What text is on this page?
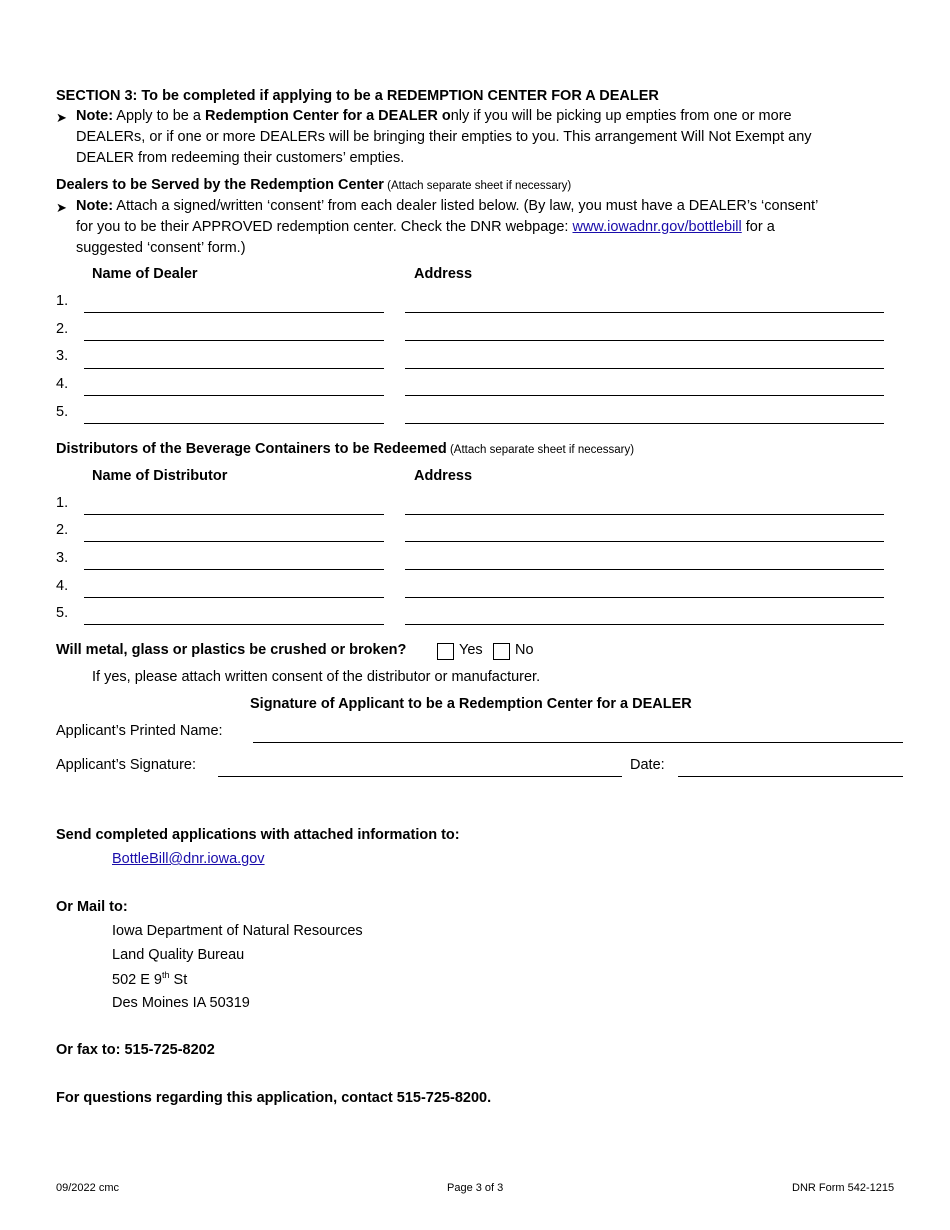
SECTION 3: To be completed if applying to be a REDEMPTION CENTER FOR A DEALER
➤ Note: Apply to be a Redemption Center for a DEALER only if you will be picking up empties from one or more
DEALERs, or if one or more DEALERs will be bringing their empties to you. This arrangement Will Not Exempt any
DEALER from redeeming their customers’ empties.
Dealers to be Served by the Redemption Center (Attach separate sheet if necessary)
➤ Note: Attach a signed/written ‘consent’ from each dealer listed below. (By law, you must have a DEALER’s ‘consent’
for you to be their APPROVED redemption center. Check the DNR webpage: www.iowadnr.gov/bottlebill for a
suggested ‘consent’ form.)
Name of Dealer	Address
1.
2.
3.
4.
5.
Distributors of the Beverage Containers to be Redeemed (Attach separate sheet if necessary)
Name of Distributor	Address
1.
2.
3.
4.
5.
Will metal, glass or plastics be crushed or broken?	Yes No
If yes, please attach written consent of the distributor or manufacturer.
Signature of Applicant to be a Redemption Center for a DEALER
Applicant’s Printed Name:
Applicant’s Signature:	Date:
Send completed applications with attached information to:
BottleBill@dnr.iowa.gov
Or Mail to:
Iowa Department of Natural Resources
Land Quality Bureau
502 E 9th St
Des Moines IA 50319
Or fax to: 515-725-8202
For questions regarding this application, contact 515-725-8200.
09/2022 cmc	Page 3 of 3	DNR Form 542-1215
